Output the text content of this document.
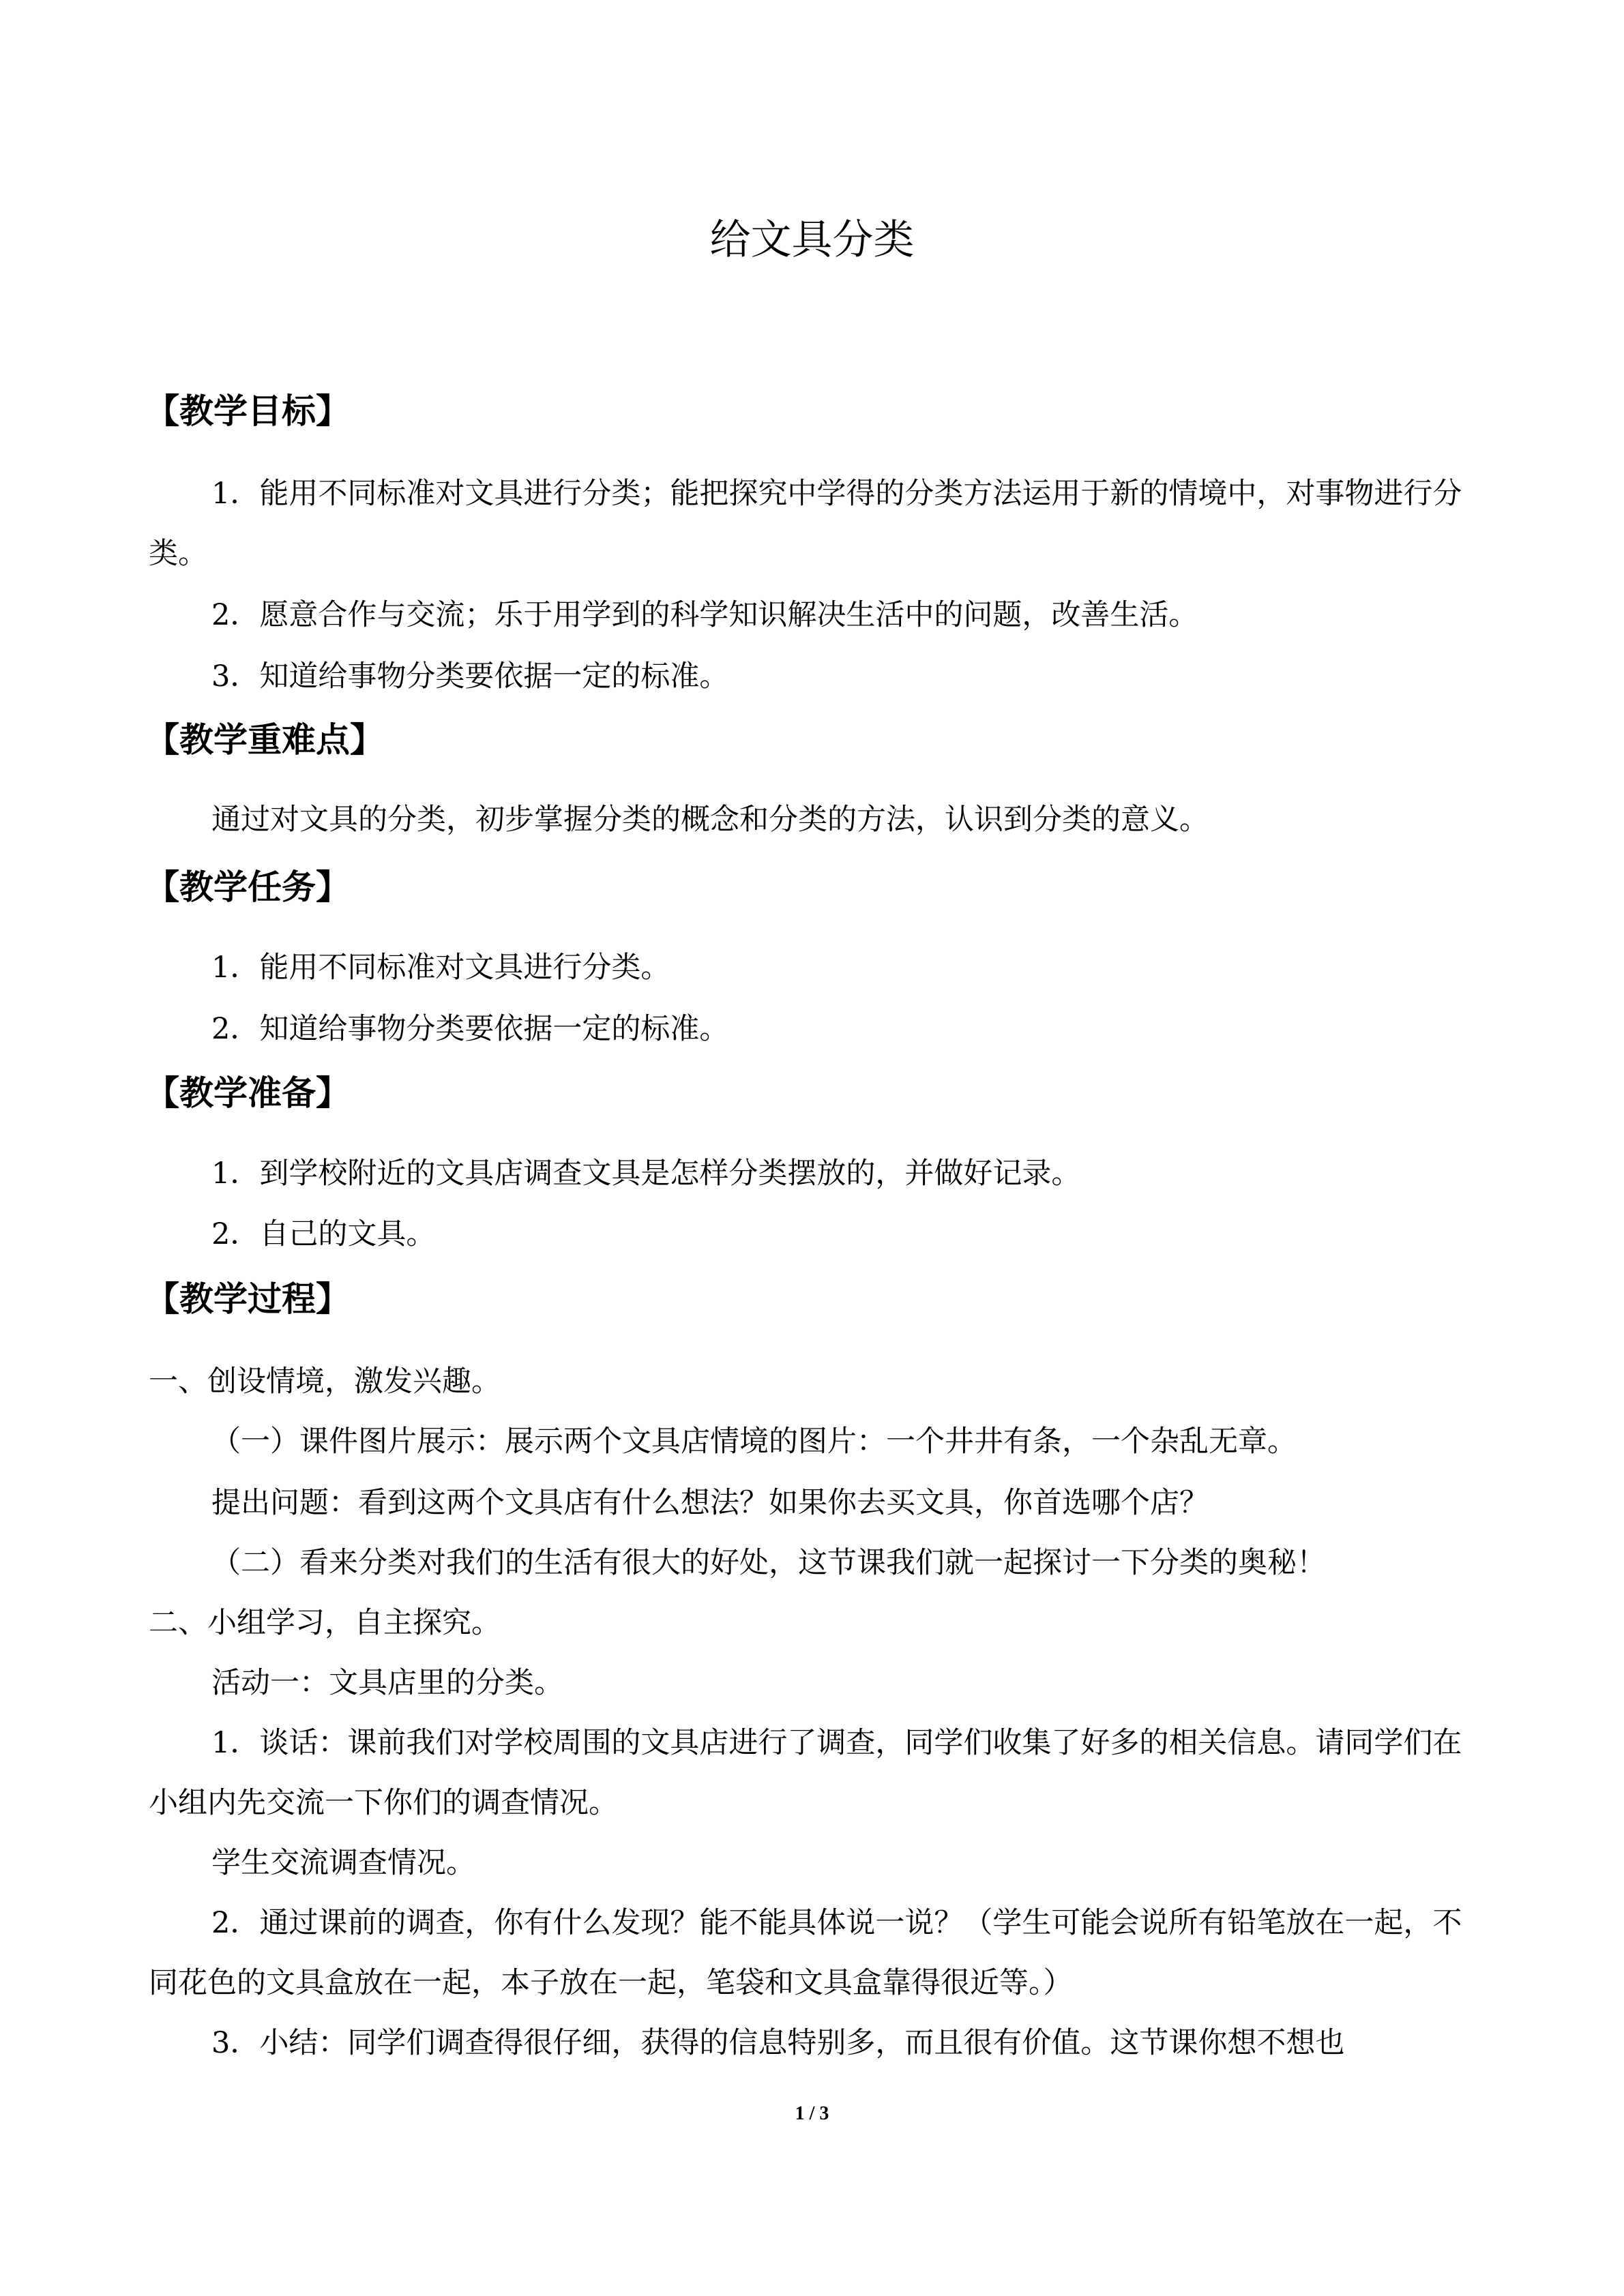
给文具分类
【教学目标】
1．能用不同标准对文具进行分类；能把探究中学得的分类方法运用于新的情境中，对事物进行分类。
2．愿意合作与交流；乐于用学到的科学知识解决生活中的问题，改善生活。
3．知道给事物分类要依据一定的标准。
【教学重难点】
通过对文具的分类，初步掌握分类的概念和分类的方法，认识到分类的意义。
【教学任务】
1．能用不同标准对文具进行分类。
2．知道给事物分类要依据一定的标准。
【教学准备】
1．到学校附近的文具店调查文具是怎样分类摆放的，并做好记录。
2．自己的文具。
【教学过程】
一、创设情境，激发兴趣。
（一）课件图片展示：展示两个文具店情境的图片：一个井井有条，一个杂乱无章。
提出问题：看到这两个文具店有什么想法？如果你去买文具，你首选哪个店？
（二）看来分类对我们的生活有很大的好处，这节课我们就一起探讨一下分类的奥秘！
二、小组学习，自主探究。
活动一：文具店里的分类。
1．谈话：课前我们对学校周围的文具店进行了调查，同学们收集了好多的相关信息。请同学们在小组内先交流一下你们的调查情况。
学生交流调查情况。
2．通过课前的调查，你有什么发现？能不能具体说一说？（学生可能会说所有铅笔放在一起，不同花色的文具盒放在一起，本子放在一起，笔袋和文具盒靠得很近等。）
3．小结：同学们调查得很仔细，获得的信息特别多，而且很有价值。这节课你想不想也
1 / 3
